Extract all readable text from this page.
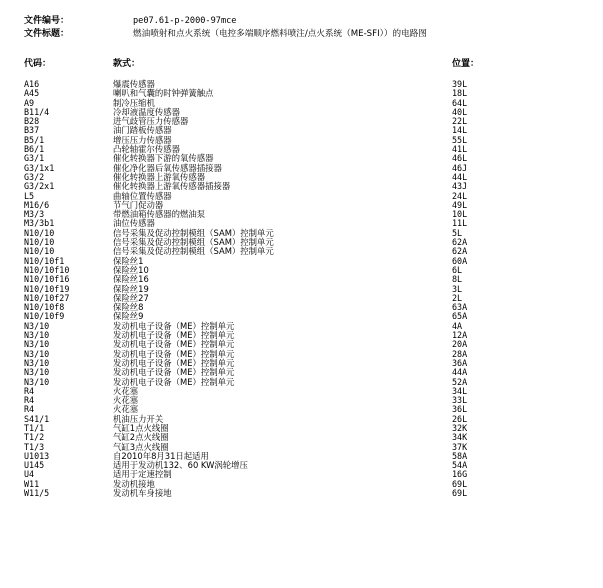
文件编号：	pe07.61-p-2000-97mce
文件标题：	燃油喷射和点火系统（电控多端顺序燃料喷注/点火系统（ME-SFI））的电路图
代码：	款式：	位置：
A16	爆震传感器	39L
A45	喇叭和气囊的时钟弹簧触点	18L
A9	制冷压缩机	64L
B11/4	冷却液温度传感器	40L
B28	进气歧管压力传感器	22L
B37	油门踏板传感器	14L
B5/1	增压压力传感器	55L
B6/1	凸轮轴霍尔传感器	41L
G3/1	催化转换器下游的氧传感器	46L
G3/1x1	催化净化器后氧传感器插接器	46J
G3/2	催化转换器上游氧传感器	44L
G3/2x1	催化转换器上游氧传感器插接器	43J
L5	曲轴位置传感器	24L
M16/6	节气门促动器	49L
M3/3	带燃油箱传感器的燃油泵	10L
M3/3b1	油位传感器	11L
N10/10	信号采集及促动控制模组（SAM）控制单元	5L
N10/10	信号采集及促动控制模组（SAM）控制单元	62A
N10/10	信号采集及促动控制模组（SAM）控制单元	62A
N10/10f1	保险丝1	60A
N10/10f10	保险丝10	6L
N10/10f16	保险丝16	8L
N10/10f19	保险丝19	3L
N10/10f27	保险丝27	2L
N10/10f8	保险丝8	63A
N10/10f9	保险丝9	65A
N3/10	发动机电子设备（ME）控制单元	4A
N3/10	发动机电子设备（ME）控制单元	12A
N3/10	发动机电子设备（ME）控制单元	20A
N3/10	发动机电子设备（ME）控制单元	28A
N3/10	发动机电子设备（ME）控制单元	36A
N3/10	发动机电子设备（ME）控制单元	44A
N3/10	发动机电子设备（ME）控制单元	52A
R4	火花塞	34L
R4	火花塞	33L
R4	火花塞	36L
S41/1	机油压力开关	26L
T1/1	气缸1点火线圈	32K
T1/2	气缸2点火线圈	34K
T1/3	气缸3点火线圈	37K
U1013	自2010年8月31日起适用	58A
U145	适用于发动机132、60 KW涡轮增压	54A
U4	适用于定速控制	16G
W11	发动机接地	69L
W11/5	发动机车身接地	69L
